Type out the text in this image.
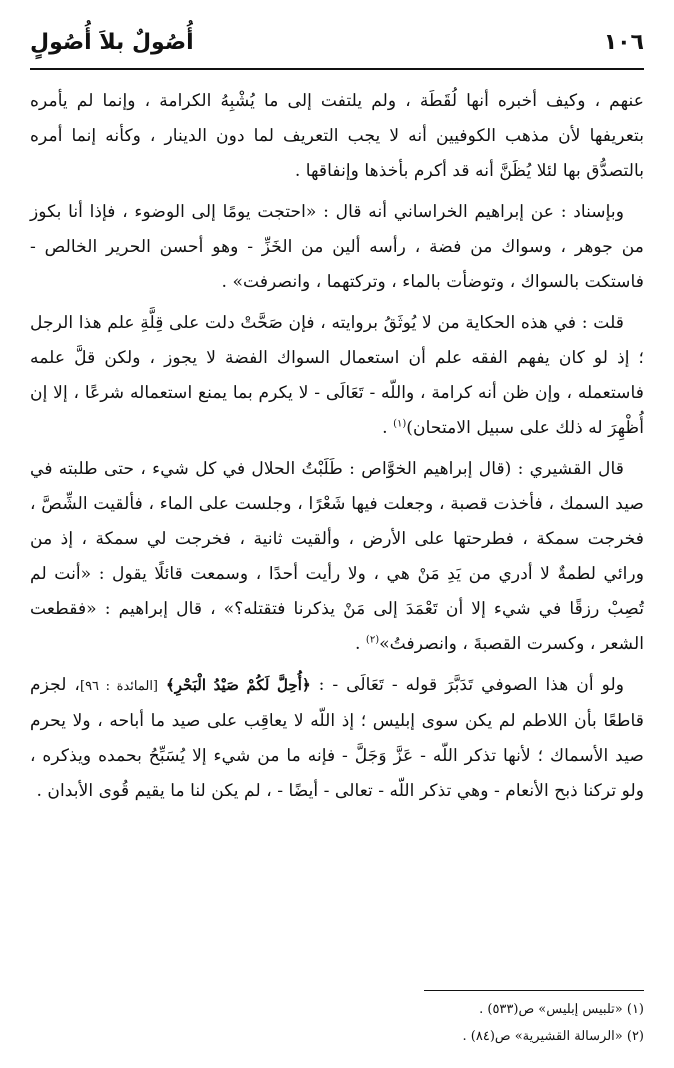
١٠٦
أُصُولٌ بلاَ أُصُولٍ

عنهم ، وكيف أخبره أنها لُقَطَة ، ولم يلتفت إلى ما يُشْبِهُ الكرامة ، وإنما لم يأمره بتعريفها لأن مذهب الكوفيين أنه لا يجب التعريف لما دون الدينار ، وكأنه إنما أمره بالتصدُّق بها لئلا يُظَنَّ أنه قد أكرم بأخذها وإنفاقها .

وبإسناد : عن إبراهيم الخراساني أنه قال : «احتجت يومًا إلى الوضوء ، فإذا أنا بكوز من جوهر ، وسواك من فضة ، رأسه ألين من الخَزِّ - وهو أحسن الحرير الخالص - فاستكت بالسواك ، وتوضأت بالماء ، وتركتهما ، وانصرفت» .

قلت : في هذه الحكاية من لا يُوثَقُ بروايته ، فإن صَحَّتْ دلت على قِلَّةِ علم هذا الرجل ؛ إذ لو كان يفهم الفقه علم أن استعمال السواك الفضة لا يجوز ، ولكن قلَّ علمه فاستعمله ، وإن ظن أنه كرامة ، واللّه - تَعَالَى - لا يكرم بما يمنع استعماله شرعًا ، إلا إن أُظْهِرَ له ذلك على سبيل الامتحان)$^{(١)}$ .

قال القشيري : (قال إبراهيم الخوَّاص : طَلَبْتُ الحلال في كل شيء ، حتى طلبته في صيد السمك ، فأخذت قصبة ، وجعلت فيها شَعْرًا ، وجلست على الماء ، فألقيت الشِّصَّ ، فخرجت سمكة ، فطرحتها على الأرض ، وألقيت ثانية ، فخرجت لي سمكة ، إذ من ورائي لطمةٌ لا أدري من يَدِ مَنْ هي ، ولا رأيت أحدًا ، وسمعت قائلًا يقول : «أنت لم تُصِبْ رزقًا في شيء إلا أن تَعْمَدَ إلى مَنْ يذكرنا فتقتله؟» ، قال إبراهيم : «فقطعت الشعر ، وكسرت القصبةَ ، وانصرفتُ»$^{(٢)}$ .

ولو أن هذا الصوفي تَدَبَّرَ قوله - تَعَالَى - : ﴿أُحِلَّ لَكُمْ صَيْدُ الْبَحْرِ﴾ [المائدة : ٩٦]، لجزم قاطعًا بأن اللاطم لم يكن سوى إبليس ؛ إذ اللّه لا يعاقِب على صيد ما أباحه ، ولا يحرم صيد الأسماك ؛ لأنها تذكر اللّه - عَزَّ وَجَلَّ - فإنه ما من شيء إلا يُسَبِّحُ بحمده ويذكره ، ولو تركنا ذبح الأنعام - وهي تذكر اللّه - تعالى - أيضًا - ، لم يكن لنا ما يقيم قُوى الأبدان .

(١) «تلبيس إبليس» ص(٥٣٣) .

(٢) «الرسالة القشيرية» ص(٨٤) .
